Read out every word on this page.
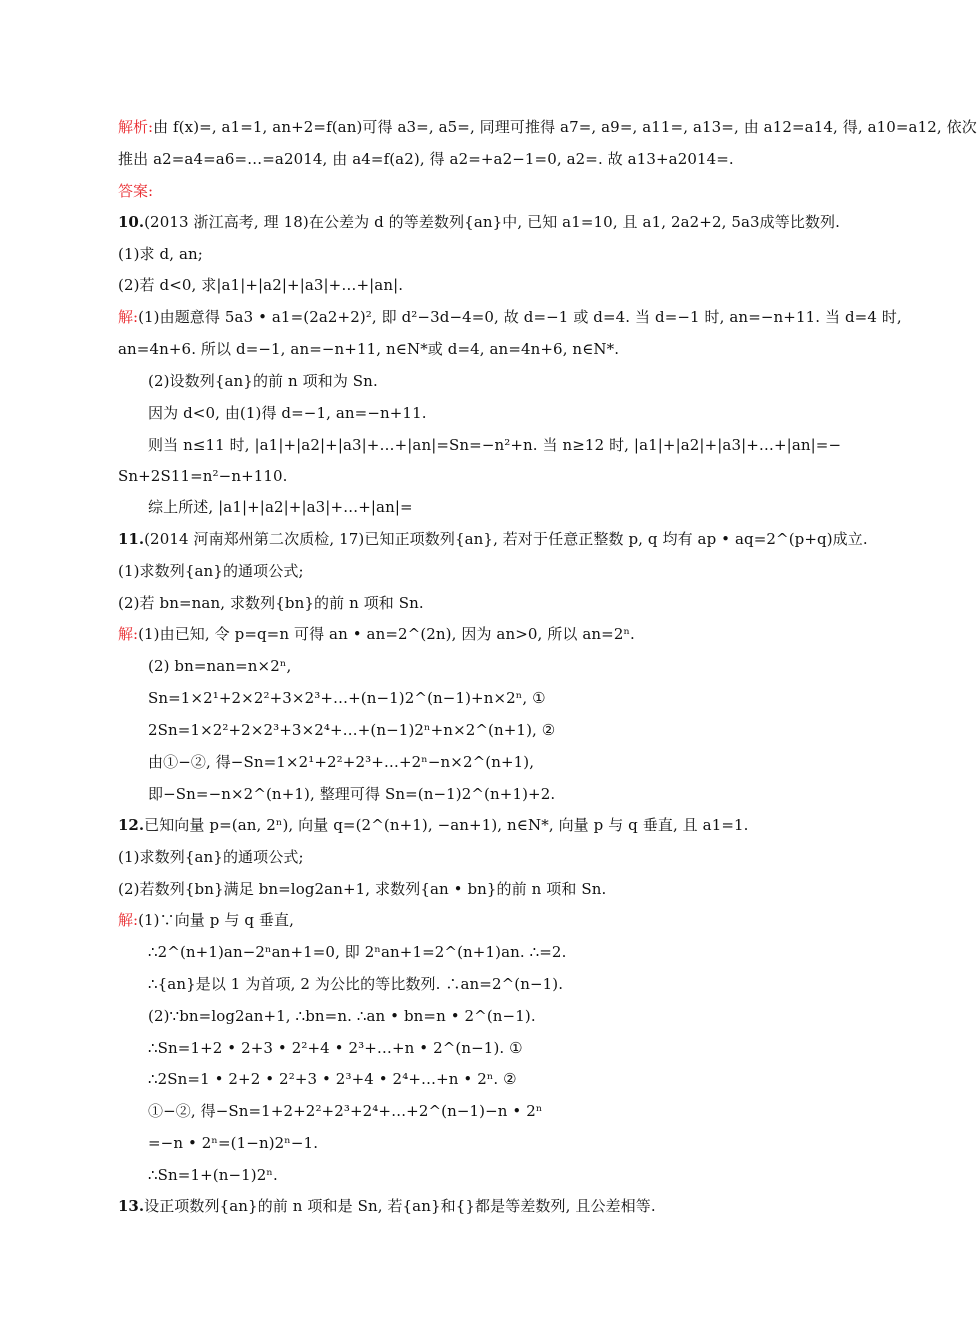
解析:由 f(x)=, a1=1, an+2=f(an)可得 a3=, a5=, 同理可推得 a7=, a9=, a11=, a13=, 由 a12=a14, 得, a10=a12, 依次
推出 a2=a4=a6=…=a2014, 由 a4=f(a2), 得 a2=+a2−1=0, a2=. 故 a13+a2014=.
答案:
10.(2013 浙江高考, 理 18)在公差为 d 的等差数列{an}中, 已知 a1=10, 且 a1, 2a2+2, 5a3成等比数列.
(1)求 d, an;
(2)若 d<0, 求|a1|+|a2|+|a3|+…+|an|.
解:(1)由题意得 5a3 • a1=(2a2+2)², 即 d²−3d−4=0, 故 d=−1 或 d=4. 当 d=−1 时, an=−n+11. 当 d=4 时,
an=4n+6. 所以 d=−1, an=−n+11, n∈N*或 d=4, an=4n+6, n∈N*.
(2)设数列{an}的前 n 项和为 Sn.
因为 d<0, 由(1)得 d=−1, an=−n+11.
则当 n≤11 时, |a1|+|a2|+|a3|+…+|an|=Sn=−n²+n. 当 n≥12 时, |a1|+|a2|+|a3|+…+|an|=−
Sn+2S11=n²−n+110.
综上所述, |a1|+|a2|+|a3|+…+|an|=
11.(2014 河南郑州第二次质检, 17)已知正项数列{an}, 若对于任意正整数 p, q 均有 ap • aq=2^(p+q)成立.
(1)求数列{an}的通项公式;
(2)若 bn=nan, 求数列{bn}的前 n 项和 Sn.
解:(1)由已知, 令 p=q=n 可得 an • an=2^(2n), 因为 an>0, 所以 an=2ⁿ.
(2) bn=nan=n×2ⁿ,
Sn=1×2¹+2×2²+3×2³+…+(n−1)2^(n−1)+n×2ⁿ, ①
2Sn=1×2²+2×2³+3×2⁴+…+(n−1)2ⁿ+n×2^(n+1), ②
由①−②, 得−Sn=1×2¹+2²+2³+…+2ⁿ−n×2^(n+1),
即−Sn=−n×2^(n+1), 整理可得 Sn=(n−1)2^(n+1)+2.
12.已知向量 p=(an, 2ⁿ), 向量 q=(2^(n+1), −an+1), n∈N*, 向量 p 与 q 垂直, 且 a1=1.
(1)求数列{an}的通项公式;
(2)若数列{bn}满足 bn=log2an+1, 求数列{an • bn}的前 n 项和 Sn.
解:(1)∵向量 p 与 q 垂直,
∴2^(n+1)an−2ⁿan+1=0, 即 2ⁿan+1=2^(n+1)an. ∴=2.
∴{an}是以 1 为首项, 2 为公比的等比数列. ∴an=2^(n−1).
(2)∵bn=log2an+1, ∴bn=n. ∴an • bn=n • 2^(n−1).
∴Sn=1+2 • 2+3 • 2²+4 • 2³+…+n • 2^(n−1). ①
∴2Sn=1 • 2+2 • 2²+3 • 2³+4 • 2⁴+…+n • 2ⁿ. ②
①−②, 得−Sn=1+2+2²+2³+2⁴+…+2^(n−1)−n • 2ⁿ
=−n • 2ⁿ=(1−n)2ⁿ−1.
∴Sn=1+(n−1)2ⁿ.
13.设正项数列{an}的前 n 项和是 Sn, 若{an}和{}都是等差数列, 且公差相等.
